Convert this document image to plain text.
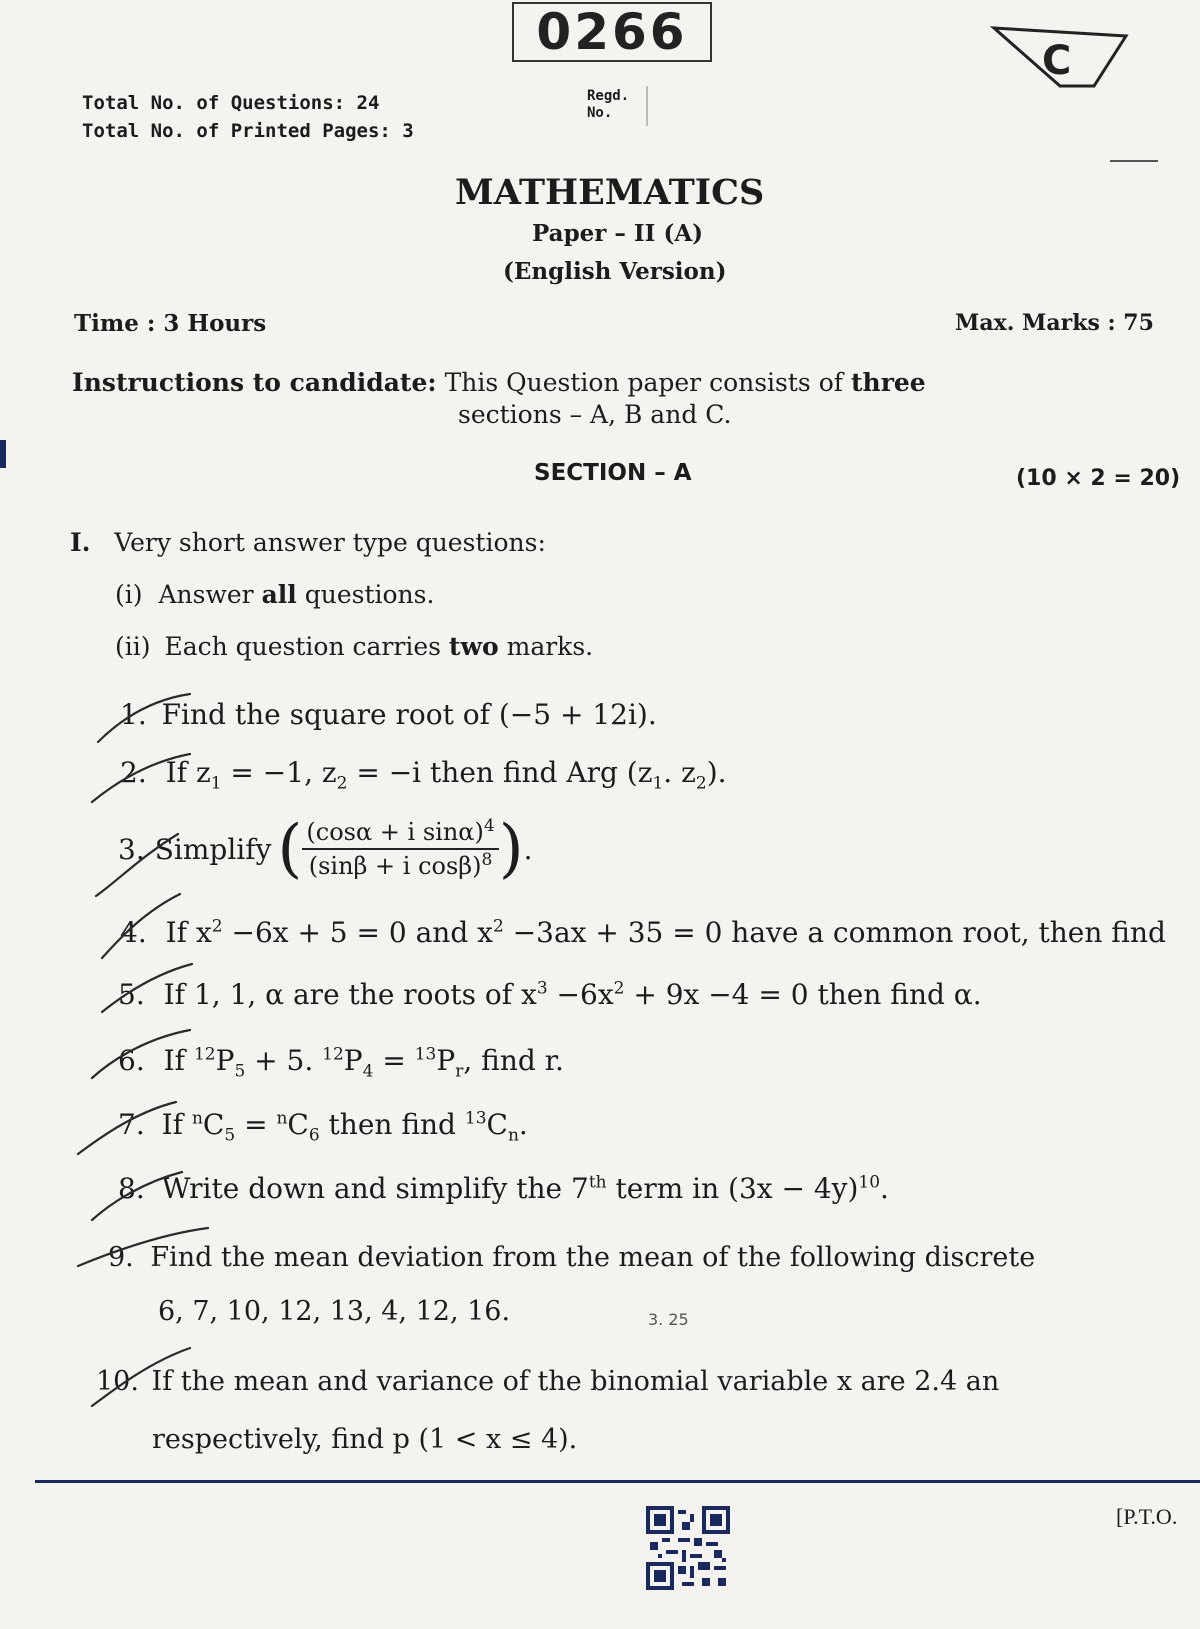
0266	C
Total No. of Questions: 24
Total No. of Printed Pages: 3
Regd.
No.
MATHEMATICS
Paper – II (A)
(English Version)
Time : 3 Hours	Max. Marks : 75
Instructions to candidate: This Question paper consists of three
sections – A, B and C.
SECTION – A	(10 × 2 = 20)
I. Very short answer type questions:
(i) Answer all questions.
(ii) Each question carries two marks.
1. Find the square root of (−5 + 12i).
2. If $z_1 = -1$, $z_2 = -i$ then find Arg ($z_1$. $z_2$).
3. Simplify ( $\frac{(\cos\alpha + i \sin\alpha)^4}{(\sin\beta + i \cos\beta)^8}$ ) .
4. If $x^2 -6x + 5 = 0$ and $x^2 -3ax + 35 = 0$ have a common root, then find
5. If 1, 1, α are the roots of $x^3 -6x^2 + 9x -4 = 0$ then find α.
6. If $^{12}P_5 + 5$. $^{12}P_4 = ^{13}P_r$, find r.
7. If $^nC_5 = ^nC_6$ then find $^{13}C_n$.
8. Write down and simplify the 7th term in $(3x - 4y)^{10}$.
9. Find the mean deviation from the mean of the following discrete
6, 7, 10, 12, 13, 4, 12, 16.	3. 25
10. If the mean and variance of the binomial variable x are 2.4 an
respectively, find p (1 < x ≤ 4).
[P.T.O.
